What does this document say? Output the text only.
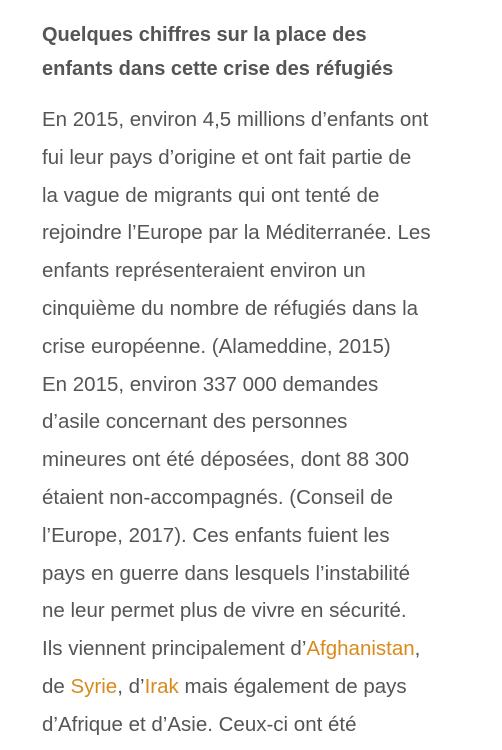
Quelques chiffres sur la place des
enfants dans cette crise des réfugiés
En 2015, environ 4,5 millions d’enfants ont
fui leur pays d’origine et ont fait partie de
la vague de migrants qui ont tenté de
rejoindre l’Europe par la Méditerranée. Les
enfants représenteraient environ un
cinquième du nombre de réfugiés dans la
crise européenne. (Alameddine, 2015)
En 2015, environ 337 000 demandes
d’asile concernant des personnes
mineures ont été déposées, dont 88 300
étaient non-accompagnés. (Conseil de
l’Europe, 2017). Ces enfants fuient les
pays en guerre dans lesquels l’instabilité
ne leur permet plus de vivre en sécurité.
Ils viennent principalement d’Afghanistan,
de Syrie, d’Irak mais également de pays
d’Afrique et d’Asie. Ceux-ci ont été
